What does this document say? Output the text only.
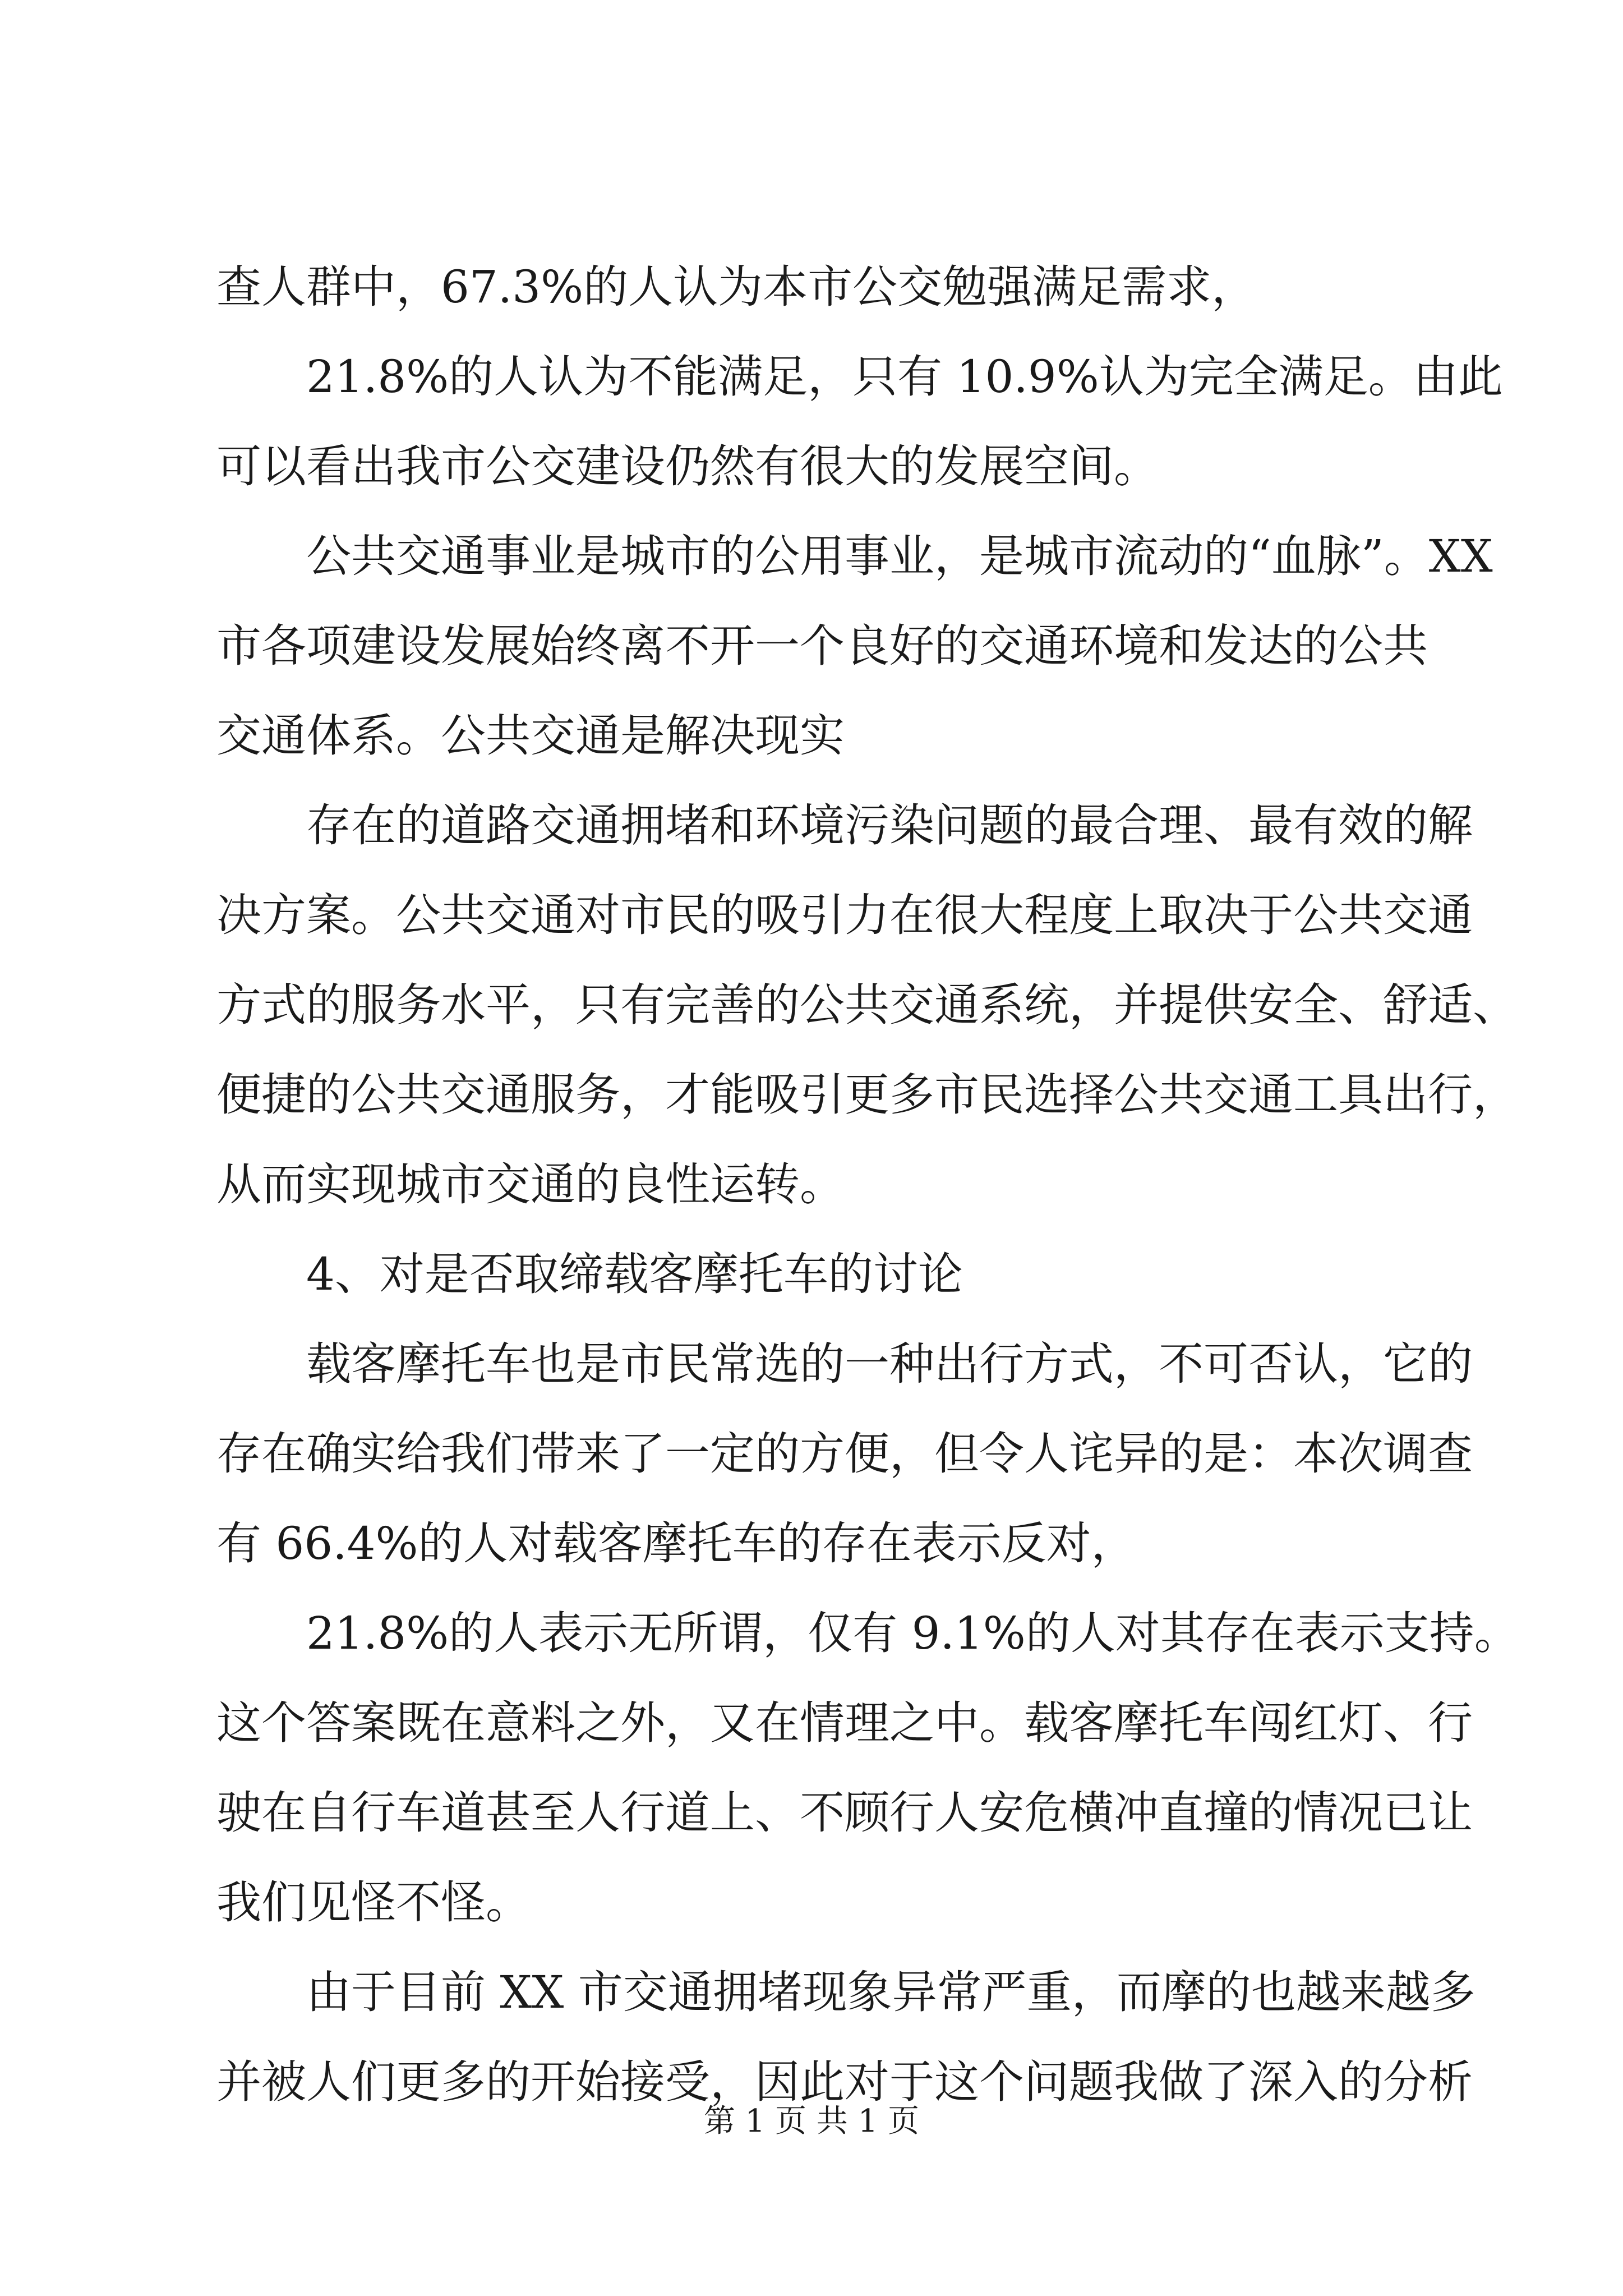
查人群中，67.3%的人认为本市公交勉强满足需求，
21.8%的人认为不能满足，只有 10.9%认为完全满足。由此
可以看出我市公交建设仍然有很大的发展空间。
公共交通事业是城市的公用事业，是城市流动的“血脉”。XX
市各项建设发展始终离不开一个良好的交通环境和发达的公共
交通体系。公共交通是解决现实
存在的道路交通拥堵和环境污染问题的最合理、最有效的解
决方案。公共交通对市民的吸引力在很大程度上取决于公共交通
方式的服务水平，只有完善的公共交通系统，并提供安全、舒适、
便捷的公共交通服务，才能吸引更多市民选择公共交通工具出行，
从而实现城市交通的良性运转。
4、对是否取缔载客摩托车的讨论
载客摩托车也是市民常选的一种出行方式，不可否认，它的
存在确实给我们带来了一定的方便，但令人诧异的是：本次调查
有 66.4%的人对载客摩托车的存在表示反对，
21.8%的人表示无所谓，仅有 9.1%的人对其存在表示支持。
这个答案既在意料之外，又在情理之中。载客摩托车闯红灯、行
驶在自行车道甚至人行道上、不顾行人安危横冲直撞的情况已让
我们见怪不怪。
由于目前 XX 市交通拥堵现象异常严重，而摩的也越来越多
并被人们更多的开始接受，因此对于这个问题我做了深入的分析
第 1 页 共 1 页
